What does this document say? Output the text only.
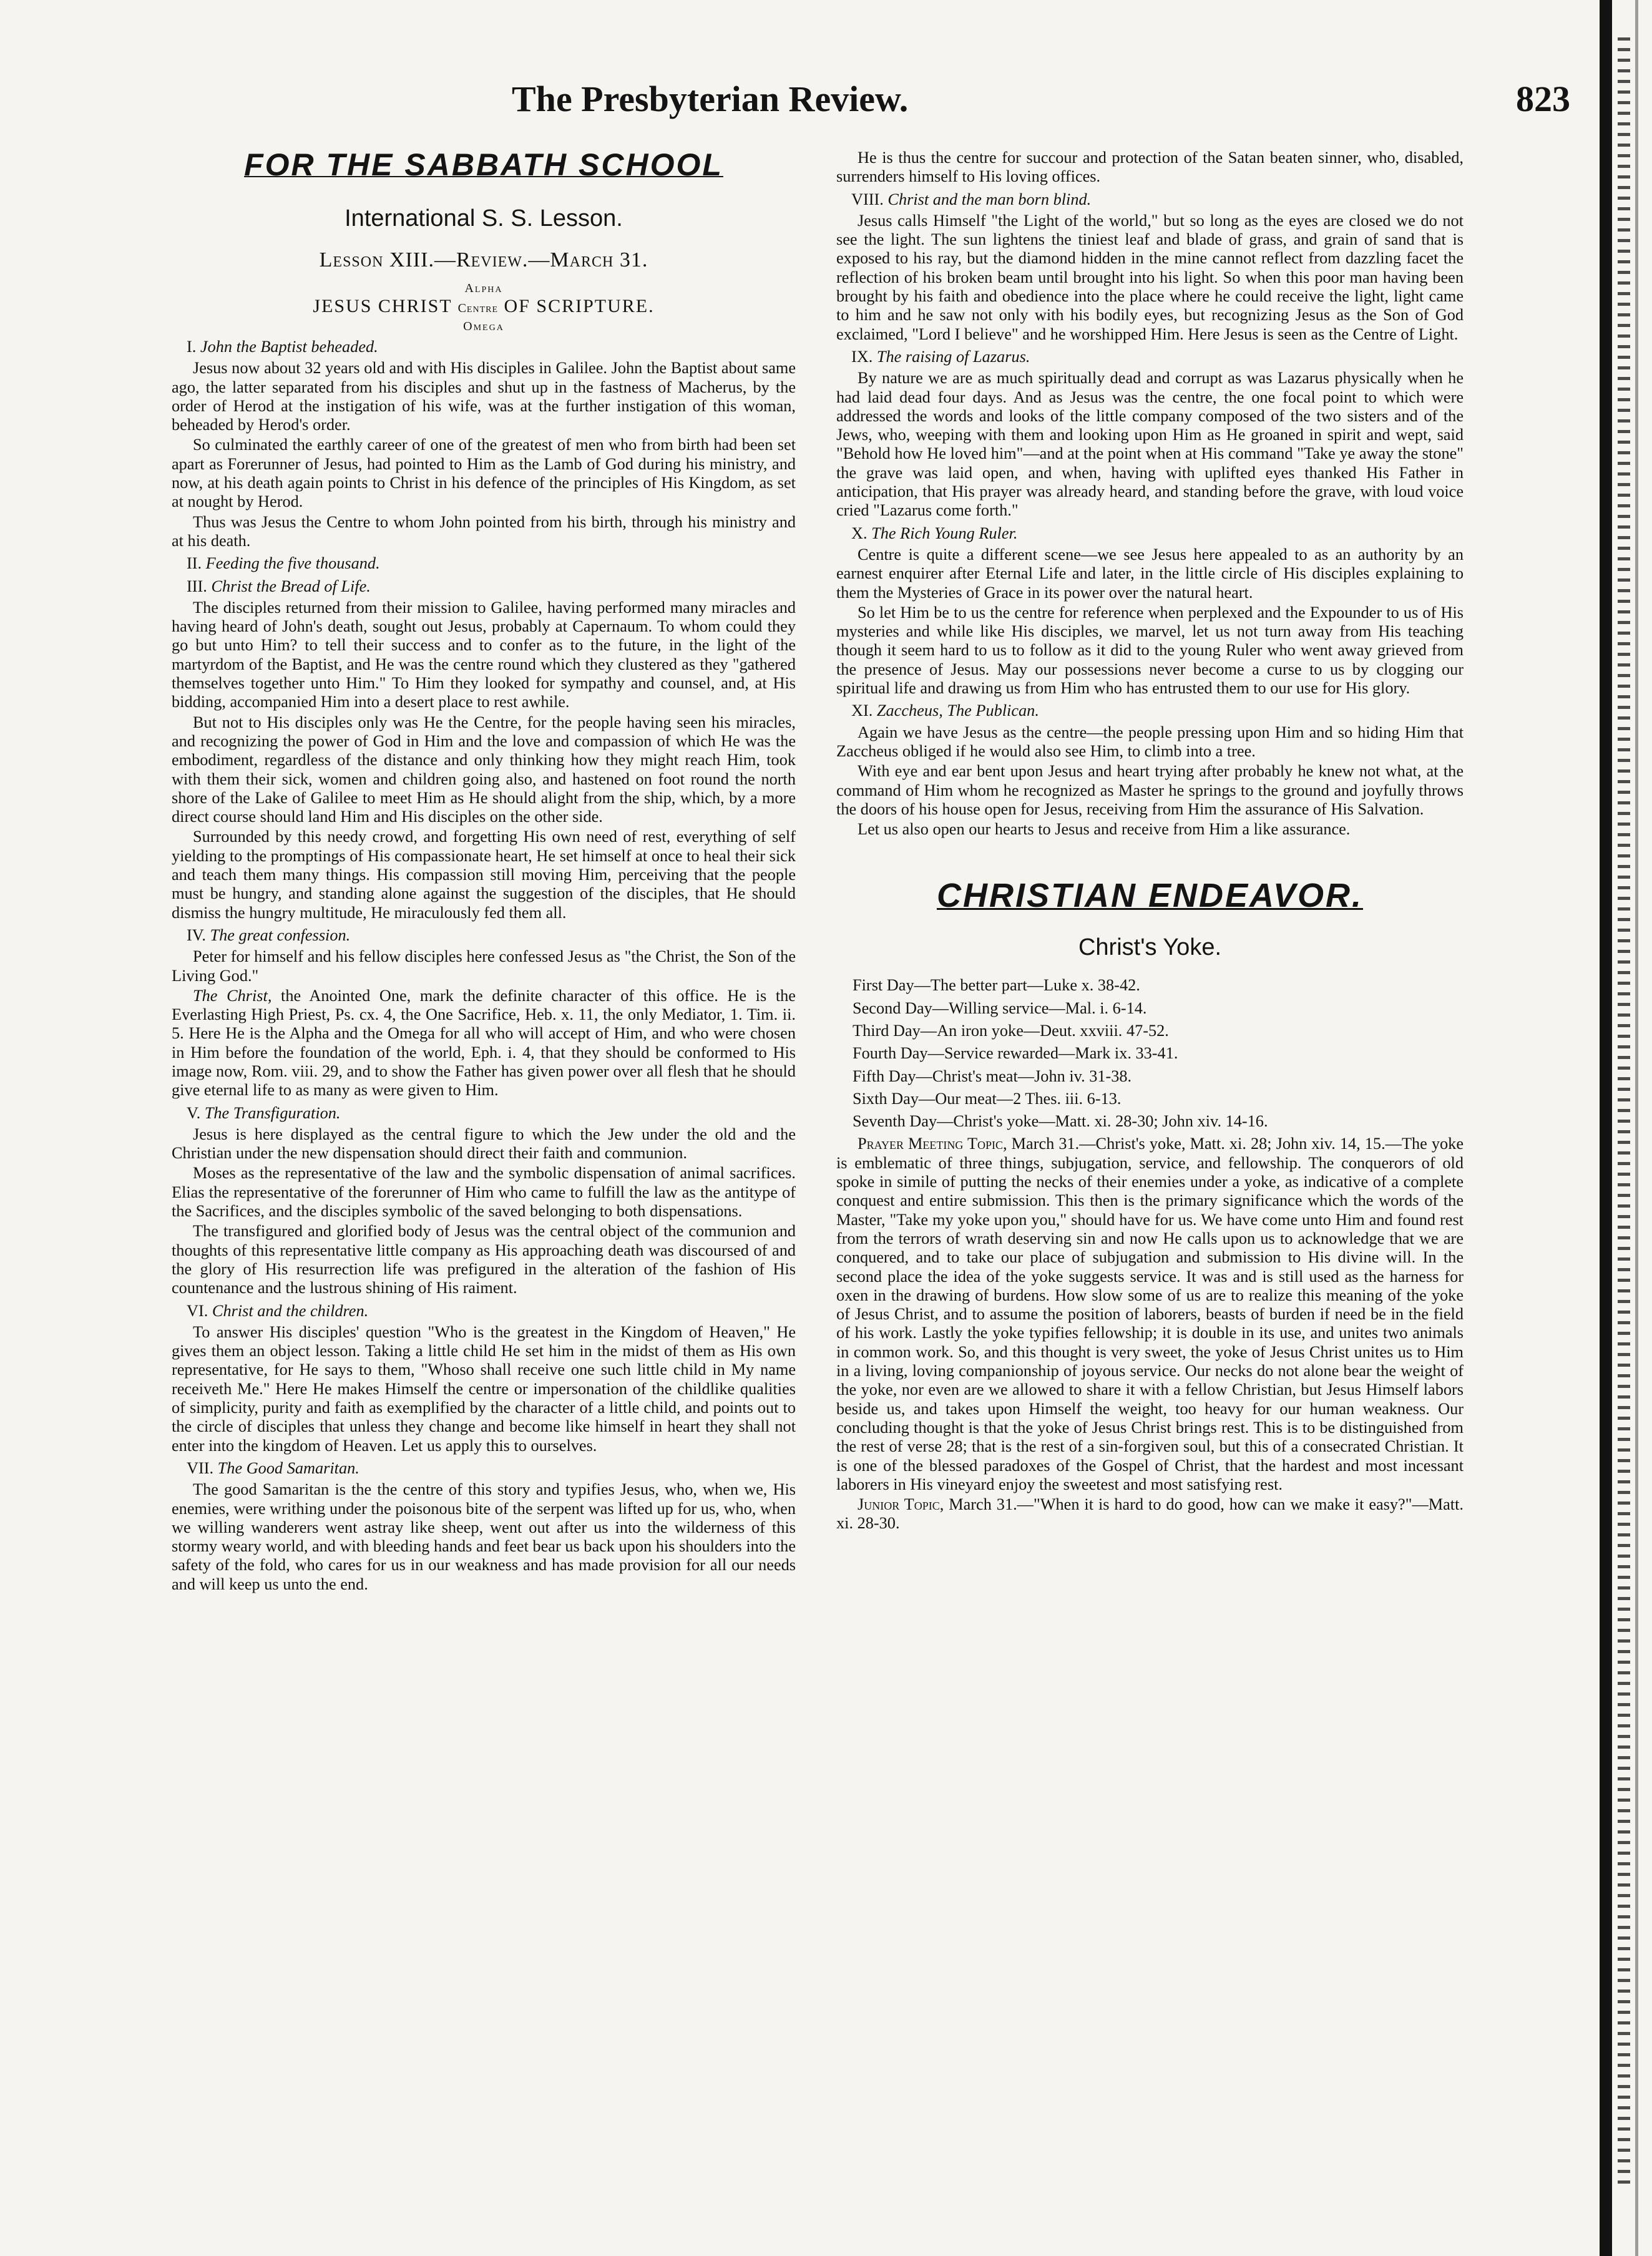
The Presbyterian Review.	823
FOR THE SABBATH SCHOOL
International S. S. Lesson.
Lesson XIII.—Review.—March 31.
Alpha
JESUS CHRIST Centre OF SCRIPTURE.
Omega
I. John the Baptist beheaded.

Jesus now about 32 years old and with His disciples in Galilee. John the Baptist about same ago, the latter separated from his disciples and shut up in the fastness of Macherus, by the order of Herod at the instigation of his wife, was at the further instigation of this woman, beheaded by Herod's order.

So culminated the earthly career of one of the greatest of men who from birth had been set apart as Forerunner of Jesus, had pointed to Him as the Lamb of God during his ministry, and now, at his death again points to Christ in his defence of the principles of His Kingdom, as set at nought by Herod.

Thus was Jesus the Centre to whom John pointed from his birth, through his ministry and at his death.

II. Feeding the five thousand.
III. Christ the Bread of Life.

The disciples returned from their mission to Galilee, having performed many miracles and having heard of John's death, sought out Jesus, probably at Capernaum. To whom could they go but unto Him? to tell their success and to confer as to the future, in the light of the martyrdom of the Baptist, and He was the centre round which they clustered as they "gathered themselves together unto Him." To Him they looked for sympathy and counsel, and, at His bidding, accompanied Him into a desert place to rest awhile.

But not to His disciples only was He the Centre, for the people having seen his miracles, and recognizing the power of God in Him and the love and compassion of which He was the embodiment, regardless of the distance and only thinking how they might reach Him, took with them their sick, women and children going also, and hastened on foot round the north shore of the Lake of Galilee to meet Him as He should alight from the ship, which, by a more direct course should land Him and His disciples on the other side.

Surrounded by this needy crowd, and forgetting His own need of rest, everything of self yielding to the promptings of His compassionate heart, He set himself at once to heal their sick and teach them many things. His compassion still moving Him, perceiving that the people must be hungry, and standing alone against the suggestion of the disciples, that He should dismiss the hungry multitude, He miraculously fed them all.

IV. The great confession.

Peter for himself and his fellow disciples here confessed Jesus as "the Christ, the Son of the Living God."

The Christ, the Anointed One, mark the definite character of this office. He is the Everlasting High Priest, Ps. cx. 4, the One Sacrifice, Heb. x. 11, the only Mediator, 1. Tim. ii. 5. Here He is the Alpha and the Omega for all who will accept of Him, and who were chosen in Him before the foundation of the world, Eph. i. 4, that they should be conformed to His image now, Rom. viii. 29, and to show the Father has given power over all flesh that he should give eternal life to as many as were given to Him.

V. The Transfiguration.

Jesus is here displayed as the central figure to which the Jew under the old and the Christian under the new dispensation should direct their faith and communion.

Moses as the representative of the law and the symbolic dispensation of animal sacrifices. Elias the representative of the forerunner of Him who came to fulfill the law as the antitype of the Sacrifices, and the disciples symbolic of the saved belonging to both dispensations.

The transfigured and glorified body of Jesus was the central object of the communion and thoughts of this representative little company as His approaching death was discoursed of and the glory of His resurrection life was prefigured in the alteration of the fashion of His countenance and the lustrous shining of His raiment.

VI. Christ and the children.

To answer His disciples' question "Who is the greatest in the Kingdom of Heaven," He gives them an object lesson. Taking a little child He set him in the midst of them as His own representative, for He says to them, "Whoso shall receive one such little child in My name receiveth Me." Here He makes Himself the centre or impersonation of the childlike qualities of simplicity, purity and faith as exemplified by the character of a little child, and points out to the circle of disciples that unless they change and become like himself in heart they shall not enter into the kingdom of Heaven. Let us apply this to ourselves.

VII. The Good Samaritan.

The good Samaritan is the the centre of this story and typifies Jesus, who, when we, His enemies, were writhing under the poisonous bite of the serpent was lifted up for us, who, when we willing wanderers went astray like sheep, went out after us into the wilderness of this stormy weary world, and with bleeding hands and feet bear us back upon his shoulders into the safety of the fold, who cares for us in our weakness and has made provision for all our needs and will keep us unto the end.

He is thus the centre for succour and protection of the Satan beaten sinner, who, disabled, surrenders himself to His loving offices.

VIII. Christ and the man born blind.

Jesus calls Himself "the Light of the world," but so long as the eyes are closed we do not see the light. The sun lightens the tiniest leaf and blade of grass, and grain of sand that is exposed to his ray, but the diamond hidden in the mine cannot reflect from dazzling facet the reflection of his broken beam until brought into his light. So when this poor man having been brought by his faith and obedience into the place where he could receive the light, light came to him and he saw not only with his bodily eyes, but recognizing Jesus as the Son of God exclaimed, "Lord I believe" and he worshipped Him. Here Jesus is seen as the Centre of Light.

IX. The raising of Lazarus.

By nature we are as much spiritually dead and corrupt as was Lazarus physically when he had laid dead four days. And as Jesus was the centre, the one focal point to which were addressed the words and looks of the little company composed of the two sisters and of the Jews, who, weeping with them and looking upon Him as He groaned in spirit and wept, said "Behold how He loved him"—and at the point when at His command "Take ye away the stone" the grave was laid open, and when, having with uplifted eyes thanked His Father in anticipation, that His prayer was already heard, and standing before the grave, with loud voice cried "Lazarus come forth."

X. The Rich Young Ruler.

Centre is quite a different scene—we see Jesus here appealed to as an authority by an earnest enquirer after Eternal Life and later, in the little circle of His disciples explaining to them the Mysteries of Grace in its power over the natural heart.

So let Him be to us the centre for reference when perplexed and the Expounder to us of His mysteries and while like His disciples, we marvel, let us not turn away from His teaching though it seem hard to us to follow as it did to the young Ruler who went away grieved from the presence of Jesus. May our possessions never become a curse to us by clogging our spiritual life and drawing us from Him who has entrusted them to our use for His glory.

XI. Zaccheus, The Publican.

Again we have Jesus as the centre—the people pressing upon Him and so hiding Him that Zaccheus obliged if he would also see Him, to climb into a tree.

With eye and ear bent upon Jesus and heart trying after probably he knew not what, at the command of Him whom he recognized as Master he springs to the ground and joyfully throws the doors of his house open for Jesus, receiving from Him the assurance of His Salvation.

Let us also open our hearts to Jesus and receive from Him a like assurance.

CHRISTIAN ENDEAVOR.
Christ's Yoke.
First Day—The better part—Luke x. 38-42.
Second Day—Willing service—Mal. i. 6-14.
Third Day—An iron yoke—Deut. xxviii. 47-52.
Fourth Day—Service rewarded—Mark ix. 33-41.
Fifth Day—Christ's meat—John iv. 31-38.
Sixth Day—Our meat—2 Thes. iii. 6-13.
Seventh Day—Christ's yoke—Matt. xi. 28-30; John xiv. 14-16.

Prayer Meeting Topic, March 31.—Christ's yoke, Matt. xi. 28; John xiv. 14, 15.—The yoke is emblematic of three things, subjugation, service, and fellowship. The conquerors of old spoke in simile of putting the necks of their enemies under a yoke, as indicative of a complete conquest and entire submission. This then is the primary significance which the words of the Master, "Take my yoke upon you," should have for us. We have come unto Him and found rest from the terrors of wrath deserving sin and now He calls upon us to acknowledge that we are conquered, and to take our place of subjugation and submission to His divine will. In the second place the idea of the yoke suggests service. It was and is still used as the harness for oxen in the drawing of burdens. How slow some of us are to realize this meaning of the yoke of Jesus Christ, and to assume the position of laborers, beasts of burden if need be in the field of his work. Lastly the yoke typifies fellowship; it is double in its use, and unites two animals in common work. So, and this thought is very sweet, the yoke of Jesus Christ unites us to Him in a living, loving companionship of joyous service. Our necks do not alone bear the weight of the yoke, nor even are we allowed to share it with a fellow Christian, but Jesus Himself labors beside us, and takes upon Himself the weight, too heavy for our human weakness. Our concluding thought is that the yoke of Jesus Christ brings rest. This is to be distinguished from the rest of verse 28; that is the rest of a sin-forgiven soul, but this of a consecrated Christian. It is one of the blessed paradoxes of the Gospel of Christ, that the hardest and most incessant laborers in His vineyard enjoy the sweetest and most satisfying rest.

Junior Topic, March 31.—"When it is hard to do good, how can we make it easy?"—Matt. xi. 28-30.
